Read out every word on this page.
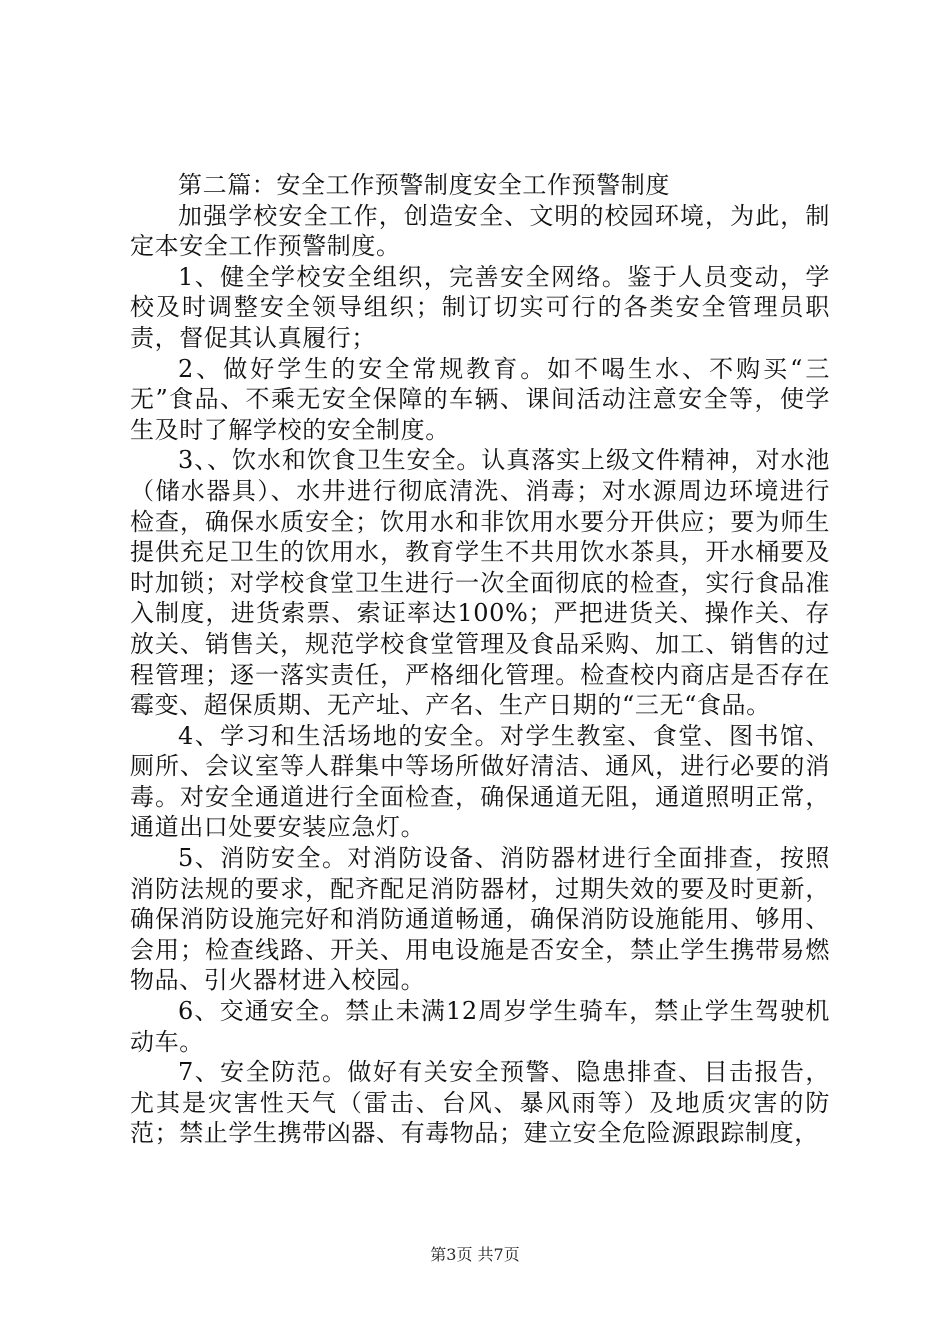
第二篇：安全工作预警制度安全工作预警制度

加强学校安全工作，创造安全、文明的校园环境，为此，制定本安全工作预警制度。

1、健全学校安全组织，完善安全网络。鉴于人员变动，学校及时调整安全领导组织；制订切实可行的各类安全管理员职责，督促其认真履行；

2、做好学生的安全常规教育。如不喝生水、不购买“三无”食品、不乘无安全保障的车辆、课间活动注意安全等，使学生及时了解学校的安全制度。

3、、饮水和饮食卫生安全。认真落实上级文件精神，对水池（储水器具）、水井进行彻底清洗、消毒；对水源周边环境进行检查，确保水质安全；饮用水和非饮用水要分开供应；要为师生提供充足卫生的饮用水，教育学生不共用饮水茶具，开水桶要及时加锁；对学校食堂卫生进行一次全面彻底的检查，实行食品准入制度，进货索票、索证率达100%；严把进货关、操作关、存放关、销售关，规范学校食堂管理及食品采购、加工、销售的过程管理；逐一落实责任，严格细化管理。检查校内商店是否存在霉变、超保质期、无产址、产名、生产日期的“三无“食品。

4、学习和生活场地的安全。对学生教室、食堂、图书馆、厕所、会议室等人群集中等场所做好清洁、通风，进行必要的消毒。对安全通道进行全面检查，确保通道无阻，通道照明正常，通道出口处要安装应急灯。

5、消防安全。对消防设备、消防器材进行全面排查，按照消防法规的要求，配齐配足消防器材，过期失效的要及时更新，确保消防设施完好和消防通道畅通，确保消防设施能用、够用、会用；检查线路、开关、用电设施是否安全，禁止学生携带易燃物品、引火器材进入校园。

6、交通安全。禁止未满12周岁学生骑车，禁止学生驾驶机动车。

7、安全防范。做好有关安全预警、隐患排查、目击报告，尤其是灾害性天气（雷击、台风、暴风雨等）及地质灾害的防范；禁止学生携带凶器、有毒物品；建立安全危险源跟踪制度，

第3页 共7页
